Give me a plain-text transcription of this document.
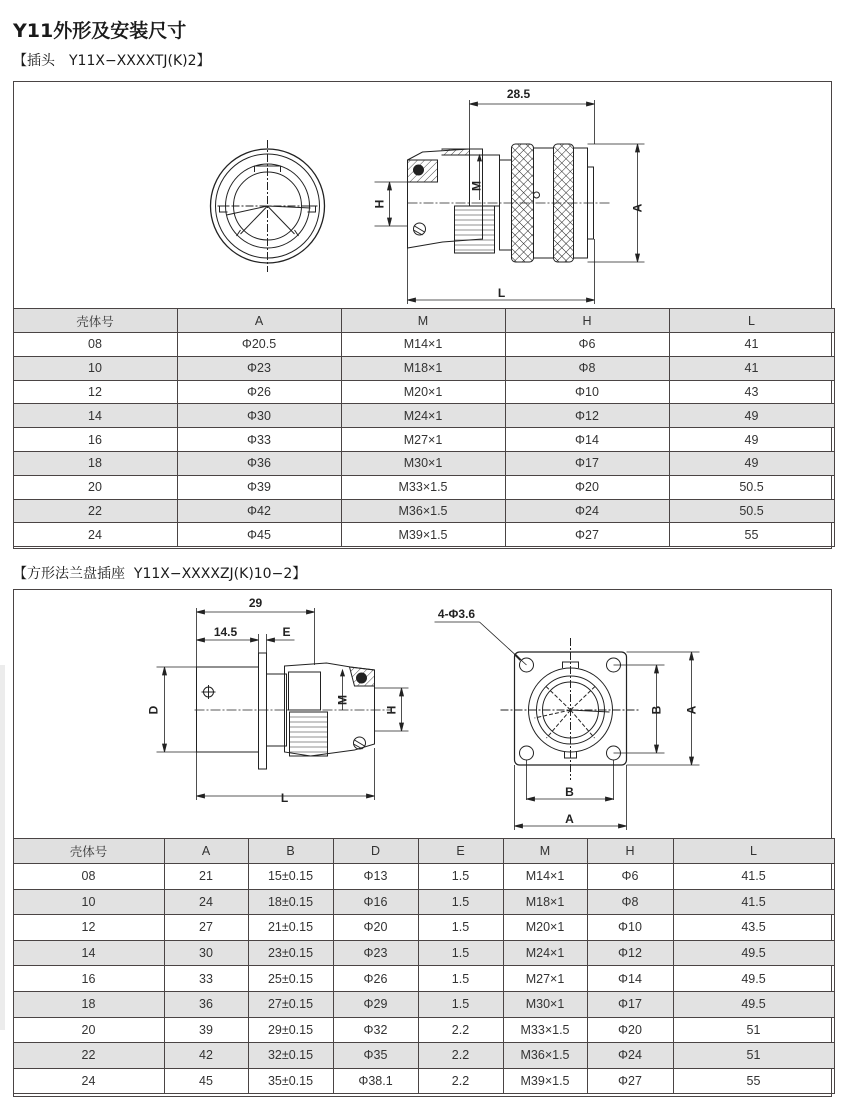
Y11外形及安装尺寸
【插头　Y11X−XXXXTJ(K)2】
28.5
L
A
H
M
壳体号	A	M	H	L
08	Φ20.5	M14×1	Φ6	41
10	Φ23	M18×1	Φ8	41
12	Φ26	M20×1	Φ10	43
14	Φ30	M24×1	Φ12	49
16	Φ33	M27×1	Φ14	49
18	Φ36	M30×1	Φ17	49
20	Φ39	M33×1.5	Φ20	50.5
22	Φ42	M36×1.5	Φ24	50.5
24	Φ45	M39×1.5	Φ27	55
【方形法兰盘插座  Y11X−XXXXZJ(K)10−2】
29
14.5	E
L
D	H
M
4-Φ3.6
B A
B
A
壳体号	A	B	D	E	M	H	L
08	21	15±0.15	Φ13	1.5	M14×1	Φ6	41.5
10	24	18±0.15	Φ16	1.5	M18×1	Φ8	41.5
12	27	21±0.15	Φ20	1.5	M20×1	Φ10	43.5
14	30	23±0.15	Φ23	1.5	M24×1	Φ12	49.5
16	33	25±0.15	Φ26	1.5	M27×1	Φ14	49.5
18	36	27±0.15	Φ29	1.5	M30×1	Φ17	49.5
20	39	29±0.15	Φ32	2.2	M33×1.5	Φ20	51
22	42	32±0.15	Φ35	2.2	M36×1.5	Φ24	51
24	45	35±0.15	Φ38.1	2.2	M39×1.5	Φ27	55
